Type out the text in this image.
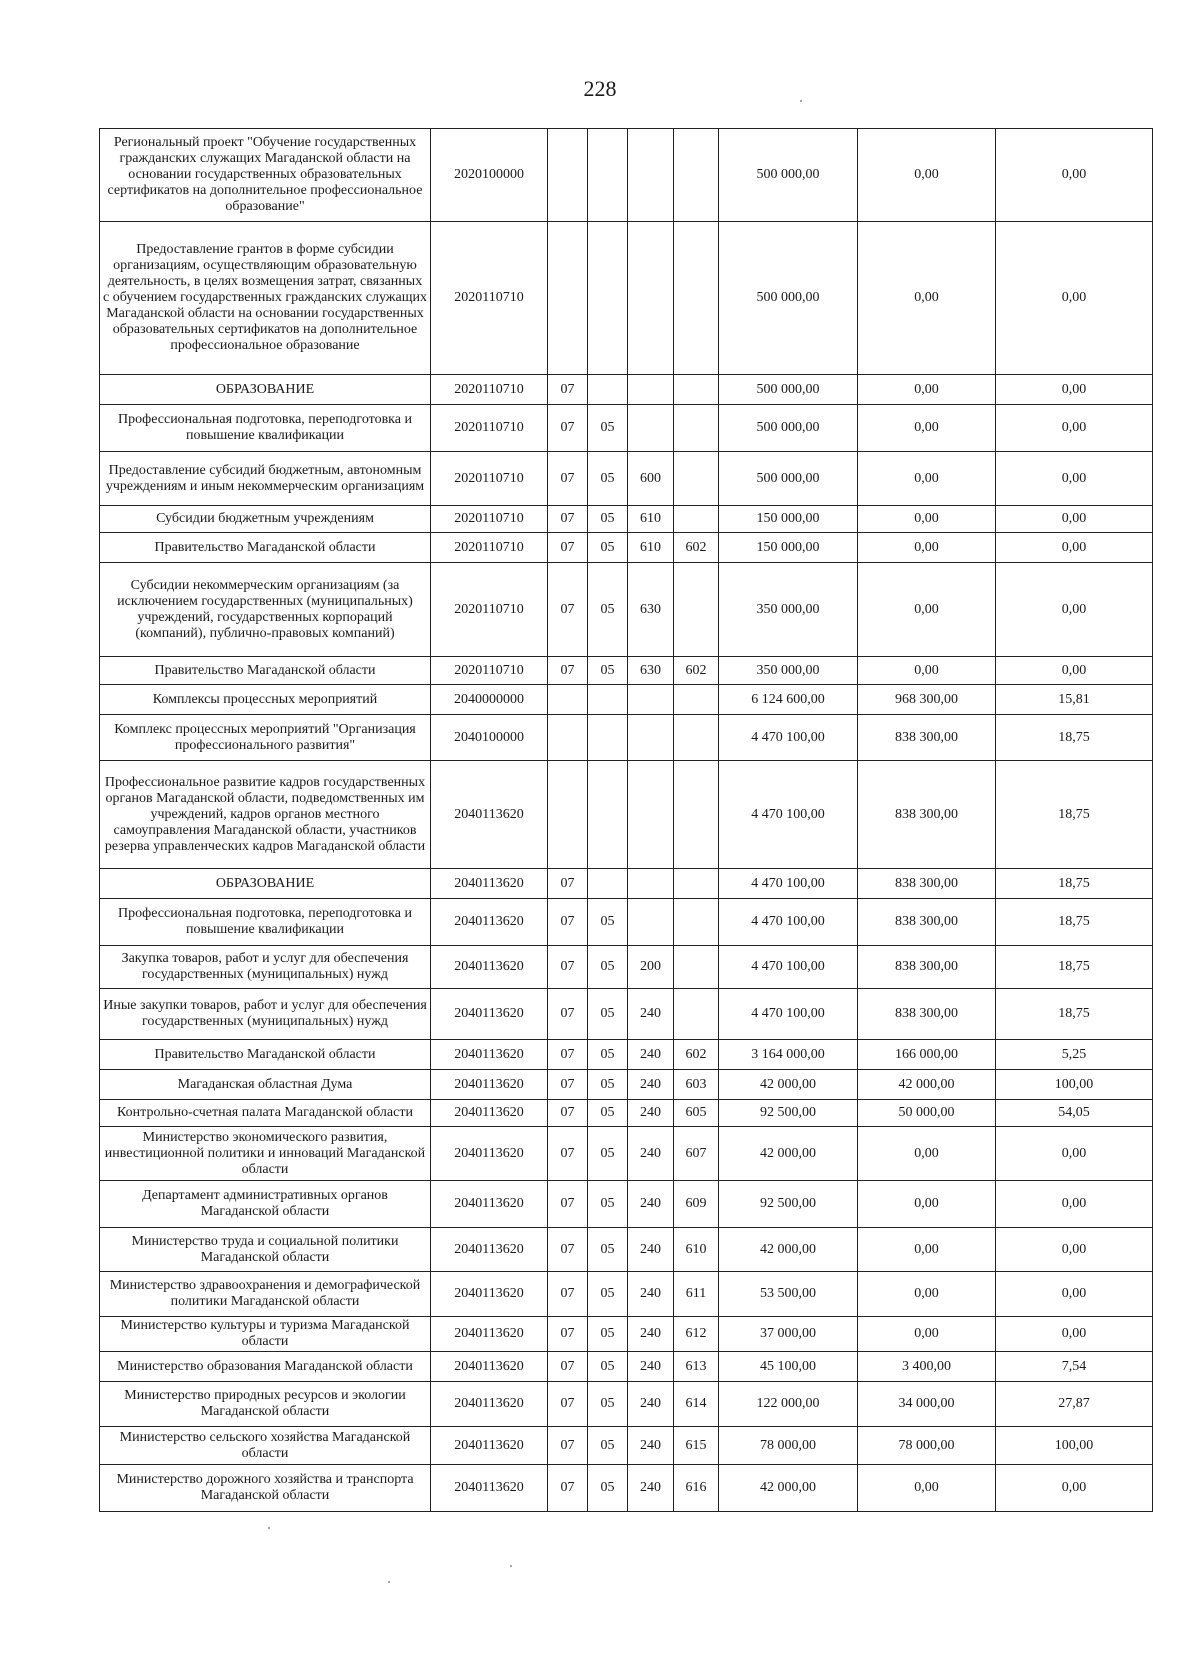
228
Региональный проект "Обучение государственных гражданских служащих Магаданской области на основании государственных образовательных сертификатов на дополнительное профессиональное образование"	2020100000					500 000,00	0,00	0,00
Предоставление грантов в форме субсидии организациям, осуществляющим образовательную деятельность, в целях возмещения затрат, связанных с обучением государственных гражданских служащих Магаданской области на основании государственных образовательных сертификатов на дополнительное профессиональное образование	2020110710					500 000,00	0,00	0,00
ОБРАЗОВАНИЕ	2020110710	07				500 000,00	0,00	0,00
Профессиональная подготовка, переподготовка и повышение квалификации	2020110710	07	05			500 000,00	0,00	0,00
Предоставление субсидий бюджетным, автономным учреждениям и иным некоммерческим организациям	2020110710	07	05	600		500 000,00	0,00	0,00
Субсидии бюджетным учреждениям	2020110710	07	05	610		150 000,00	0,00	0,00
Правительство Магаданской области	2020110710	07	05	610	602	150 000,00	0,00	0,00
Субсидии некоммерческим организациям (за исключением государственных (муниципальных) учреждений, государственных корпораций (компаний), публично-правовых компаний)	2020110710	07	05	630		350 000,00	0,00	0,00
Правительство Магаданской области	2020110710	07	05	630	602	350 000,00	0,00	0,00
Комплексы процессных мероприятий	2040000000					6 124 600,00	968 300,00	15,81
Комплекс процессных мероприятий "Организация профессионального развития"	2040100000					4 470 100,00	838 300,00	18,75
Профессиональное развитие кадров государственных органов Магаданской области, подведомственных им учреждений, кадров органов местного самоуправления Магаданской области, участников резерва управленческих кадров Магаданской области	2040113620					4 470 100,00	838 300,00	18,75
ОБРАЗОВАНИЕ	2040113620	07				4 470 100,00	838 300,00	18,75
Профессиональная подготовка, переподготовка и повышение квалификации	2040113620	07	05			4 470 100,00	838 300,00	18,75
Закупка товаров, работ и услуг для обеспечения государственных (муниципальных) нужд	2040113620	07	05	200		4 470 100,00	838 300,00	18,75
Иные закупки товаров, работ и услуг для обеспечения государственных (муниципальных) нужд	2040113620	07	05	240		4 470 100,00	838 300,00	18,75
Правительство Магаданской области	2040113620	07	05	240	602	3 164 000,00	166 000,00	5,25
Магаданская областная Дума	2040113620	07	05	240	603	42 000,00	42 000,00	100,00
Контрольно-счетная палата Магаданской области	2040113620	07	05	240	605	92 500,00	50 000,00	54,05
Министерство экономического развития, инвестиционной политики и инноваций Магаданской области	2040113620	07	05	240	607	42 000,00	0,00	0,00
Департамент административных органов Магаданской области	2040113620	07	05	240	609	92 500,00	0,00	0,00
Министерство труда и социальной политики Магаданской области	2040113620	07	05	240	610	42 000,00	0,00	0,00
Министерство здравоохранения и демографической политики Магаданской области	2040113620	07	05	240	611	53 500,00	0,00	0,00
Министерство культуры и туризма Магаданской области	2040113620	07	05	240	612	37 000,00	0,00	0,00
Министерство образования Магаданской области	2040113620	07	05	240	613	45 100,00	3 400,00	7,54
Министерство природных ресурсов и экологии Магаданской области	2040113620	07	05	240	614	122 000,00	34 000,00	27,87
Министерство сельского хозяйства Магаданской области	2040113620	07	05	240	615	78 000,00	78 000,00	100,00
Министерство дорожного хозяйства и транспорта Магаданской области	2040113620	07	05	240	616	42 000,00	0,00	0,00
